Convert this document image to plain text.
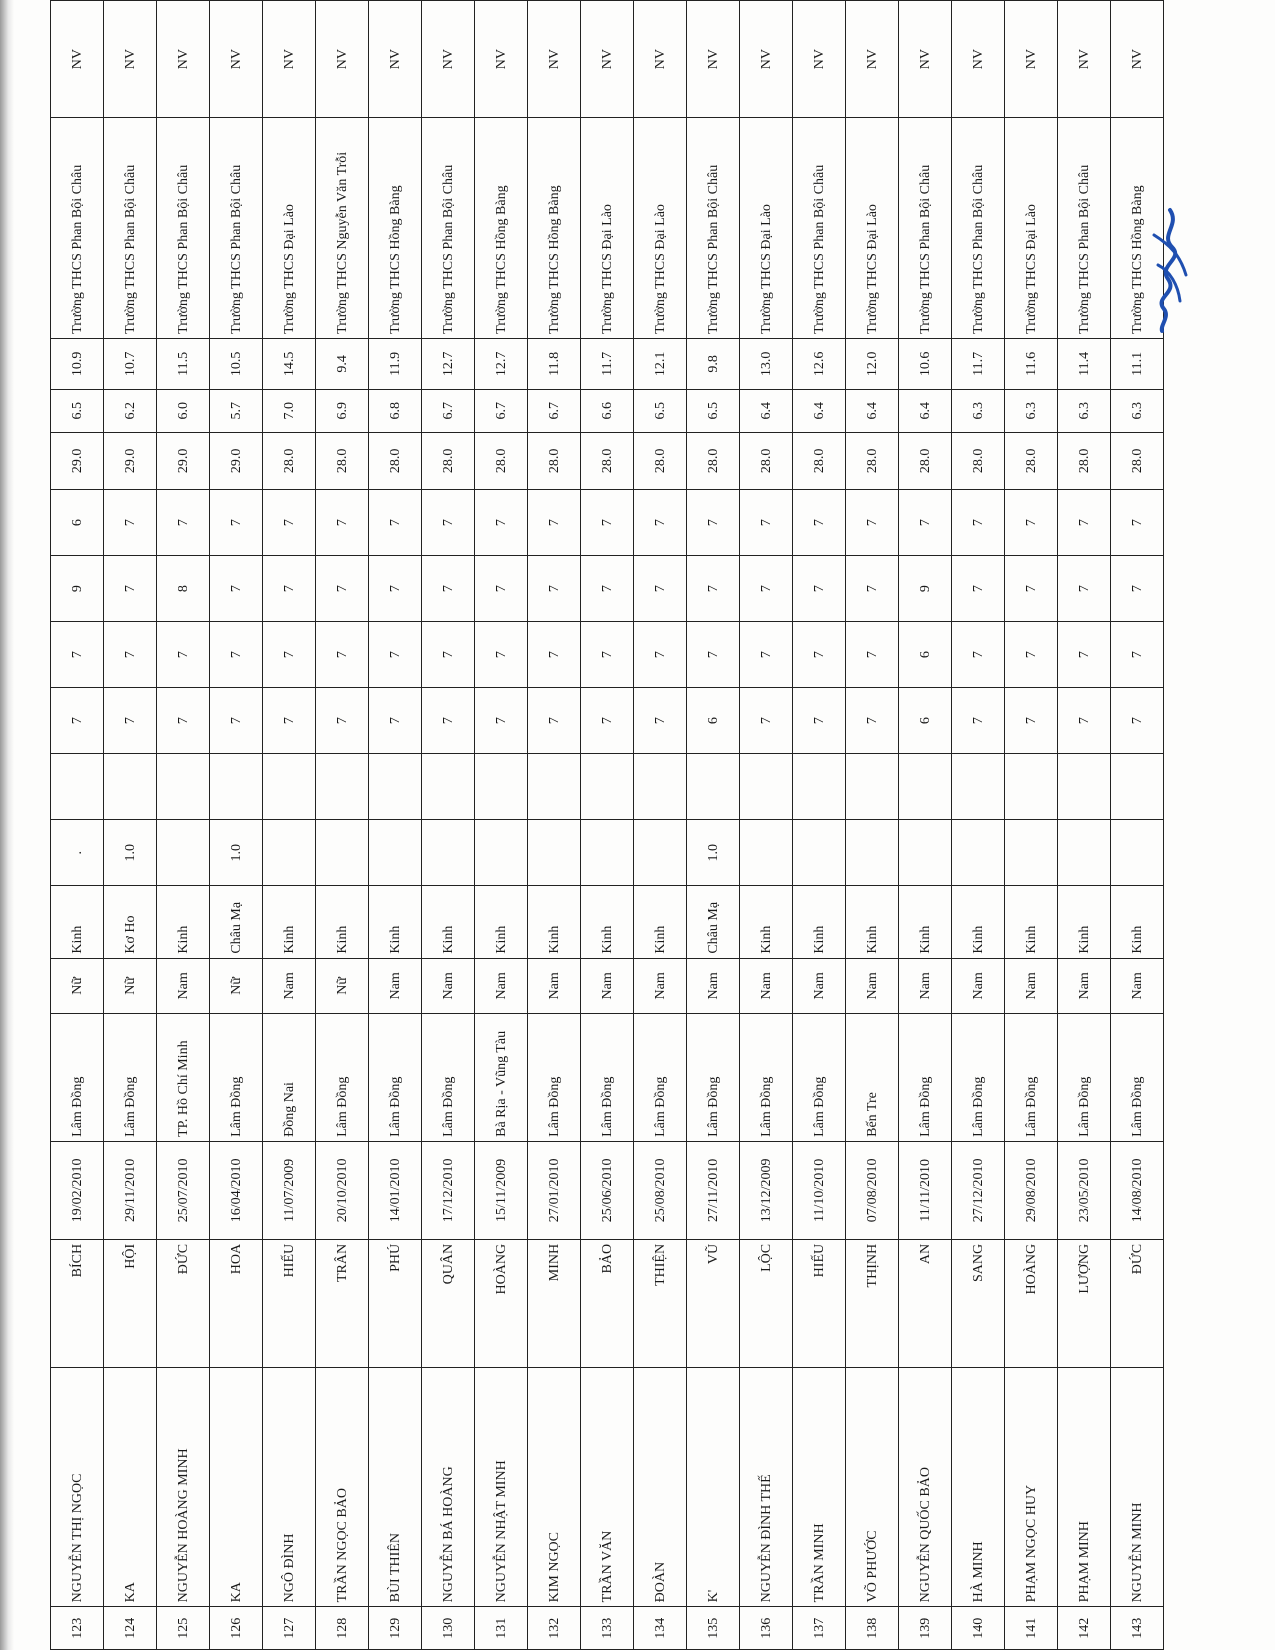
123	NGUYỄN THỊ NGỌC	BÍCH	19/02/2010	Lâm Đồng	Nữ	Kinh	.		7	7	9	6	29.0	6.5	10.9	Trường THCS Phan Bội Châu	NV
124	KA	HỘI	29/11/2010	Lâm Đồng	Nữ	Kơ Ho	1.0		7	7	7	7	29.0	6.2	10.7	Trường THCS Phan Bội Châu	NV
125	NGUYỄN HOÀNG MINH	ĐỨC	25/07/2010	TP. Hồ Chí Minh	Nam	Kinh			7	7	8	7	29.0	6.0	11.5	Trường THCS Phan Bội Châu	NV
126	KA	HOA	16/04/2010	Lâm Đồng	Nữ	Châu Mạ	1.0		7	7	7	7	29.0	5.7	10.5	Trường THCS Phan Bội Châu	NV
127	NGÔ ĐÌNH	HIẾU	11/07/2009	Đồng Nai	Nam	Kinh			7	7	7	7	28.0	7.0	14.5	Trường THCS Đại Lào	NV
128	TRẦN NGỌC BẢO	TRÂN	20/10/2010	Lâm Đồng	Nữ	Kinh			7	7	7	7	28.0	6.9	9.4	Trường THCS Nguyễn Văn Trỗi	NV
129	BÙI THIÊN	PHÚ	14/01/2010	Lâm Đồng	Nam	Kinh			7	7	7	7	28.0	6.8	11.9	Trường THCS Hồng Bàng	NV
130	NGUYỄN BÁ HOÀNG	QUÂN	17/12/2010	Lâm Đồng	Nam	Kinh			7	7	7	7	28.0	6.7	12.7	Trường THCS Phan Bội Châu	NV
131	NGUYỄN NHẬT MINH	HOÀNG	15/11/2009	Bà Rịa - Vũng Tàu	Nam	Kinh			7	7	7	7	28.0	6.7	12.7	Trường THCS Hồng Bàng	NV
132	KIM NGỌC	MINH	27/01/2010	Lâm Đồng	Nam	Kinh			7	7	7	7	28.0	6.7	11.8	Trường THCS Hồng Bàng	NV
133	TRẦN VĂN	BẢO	25/06/2010	Lâm Đồng	Nam	Kinh			7	7	7	7	28.0	6.6	11.7	Trường THCS Đại Lào	NV
134	ĐOÀN	THIỆN	25/08/2010	Lâm Đồng	Nam	Kinh			7	7	7	7	28.0	6.5	12.1	Trường THCS Đại Lào	NV
135	K'	VŨ	27/11/2010	Lâm Đồng	Nam	Châu Mạ	1.0		6	7	7	7	28.0	6.5	9.8	Trường THCS Phan Bội Châu	NV
136	NGUYỄN ĐÌNH THẾ	LỘC	13/12/2009	Lâm Đồng	Nam	Kinh			7	7	7	7	28.0	6.4	13.0	Trường THCS Đại Lào	NV
137	TRẦN MINH	HIẾU	11/10/2010	Lâm Đồng	Nam	Kinh			7	7	7	7	28.0	6.4	12.6	Trường THCS Phan Bội Châu	NV
138	VÕ PHƯỚC	THỊNH	07/08/2010	Bến Tre	Nam	Kinh			7	7	7	7	28.0	6.4	12.0	Trường THCS Đại Lào	NV
139	NGUYỄN QUỐC BẢO	AN	11/11/2010	Lâm Đồng	Nam	Kinh			6	6	9	7	28.0	6.4	10.6	Trường THCS Phan Bội Châu	NV
140	HÀ MINH	SANG	27/12/2010	Lâm Đồng	Nam	Kinh			7	7	7	7	28.0	6.3	11.7	Trường THCS Phan Bội Châu	NV
141	PHẠM NGỌC HUY	HOÀNG	29/08/2010	Lâm Đồng	Nam	Kinh			7	7	7	7	28.0	6.3	11.6	Trường THCS Đại Lào	NV
142	PHẠM MINH	LƯỢNG	23/05/2010	Lâm Đồng	Nam	Kinh			7	7	7	7	28.0	6.3	11.4	Trường THCS Phan Bội Châu	NV
143	NGUYỄN MINH	ĐỨC	14/08/2010	Lâm Đồng	Nam	Kinh			7	7	7	7	28.0	6.3	11.1	Trường THCS Hồng Bàng	NV
